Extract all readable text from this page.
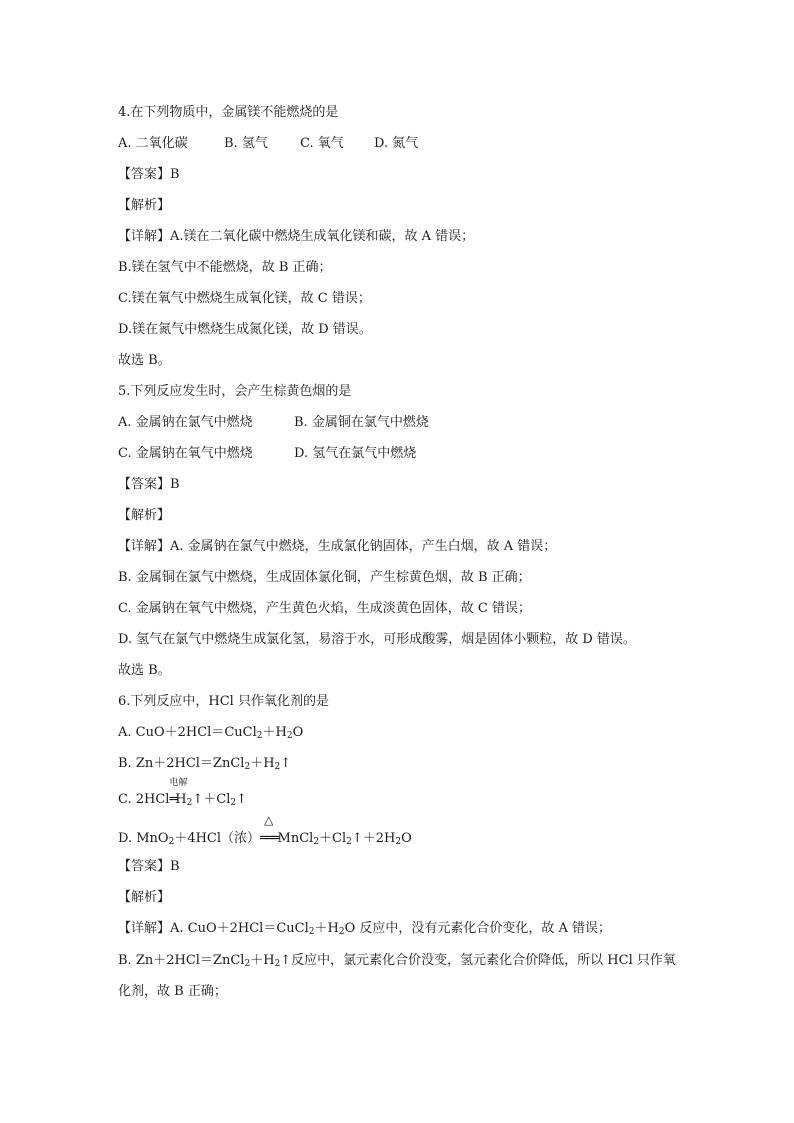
4.在下列物质中，金属镁不能燃烧的是
A. 二氧化碳	B. 氢气 C. 氧气 D. 氮气
【答案】B
【解析】
【详解】A.镁在二氧化碳中燃烧生成氧化镁和碳，故 A 错误；
B.镁在氢气中不能燃烧，故 B 正确；
C.镁在氧气中燃烧生成氧化镁，故 C 错误；
D.镁在氮气中燃烧生成氮化镁，故 D 错误。
故选 B。
5.下列反应发生时，会产生棕黄色烟的是
A. 金属钠在氯气中燃烧	B. 金属铜在氯气中燃烧
C. 金属钠在氧气中燃烧	D. 氢气在氯气中燃烧
【答案】B
【解析】
【详解】A. 金属钠在氯气中燃烧，生成氯化钠固体，产生白烟，故 A 错误；
B. 金属铜在氯气中燃烧，生成固体氯化铜，产生棕黄色烟，故 B 正确；
C. 金属钠在氧气中燃烧，产生黄色火焰，生成淡黄色固体，故 C 错误；
D. 氢气在氯气中燃烧生成氯化氢，易溶于水，可形成酸雾，烟是固体小颗粒，故 D 错误。
故选 B。
6.下列反应中，HCl 只作氧化剂的是
A. $CuO+2HCl=CuCl_2+H_2O$
B. $Zn+2HCl=ZnCl_2+H_2↑$
C. 2HCl
电解
$═H_2↑+Cl_2↑$
D. MnO$_2$＋4HCl（浓）
△
$═══MnCl_2+Cl_2↑+2H_2O$
【答案】B
【解析】
【详解】A. $CuO+2HCl=CuCl_2+H_2O$ 反应中，没有元素化合价变化，故 A 错误；
B. $Zn+2HCl=ZnCl_2+H_2↑$反应中，氯元素化合价没变，氢元素化合价降低，所以 HCl 只作氧化剂，故 B 正确；
